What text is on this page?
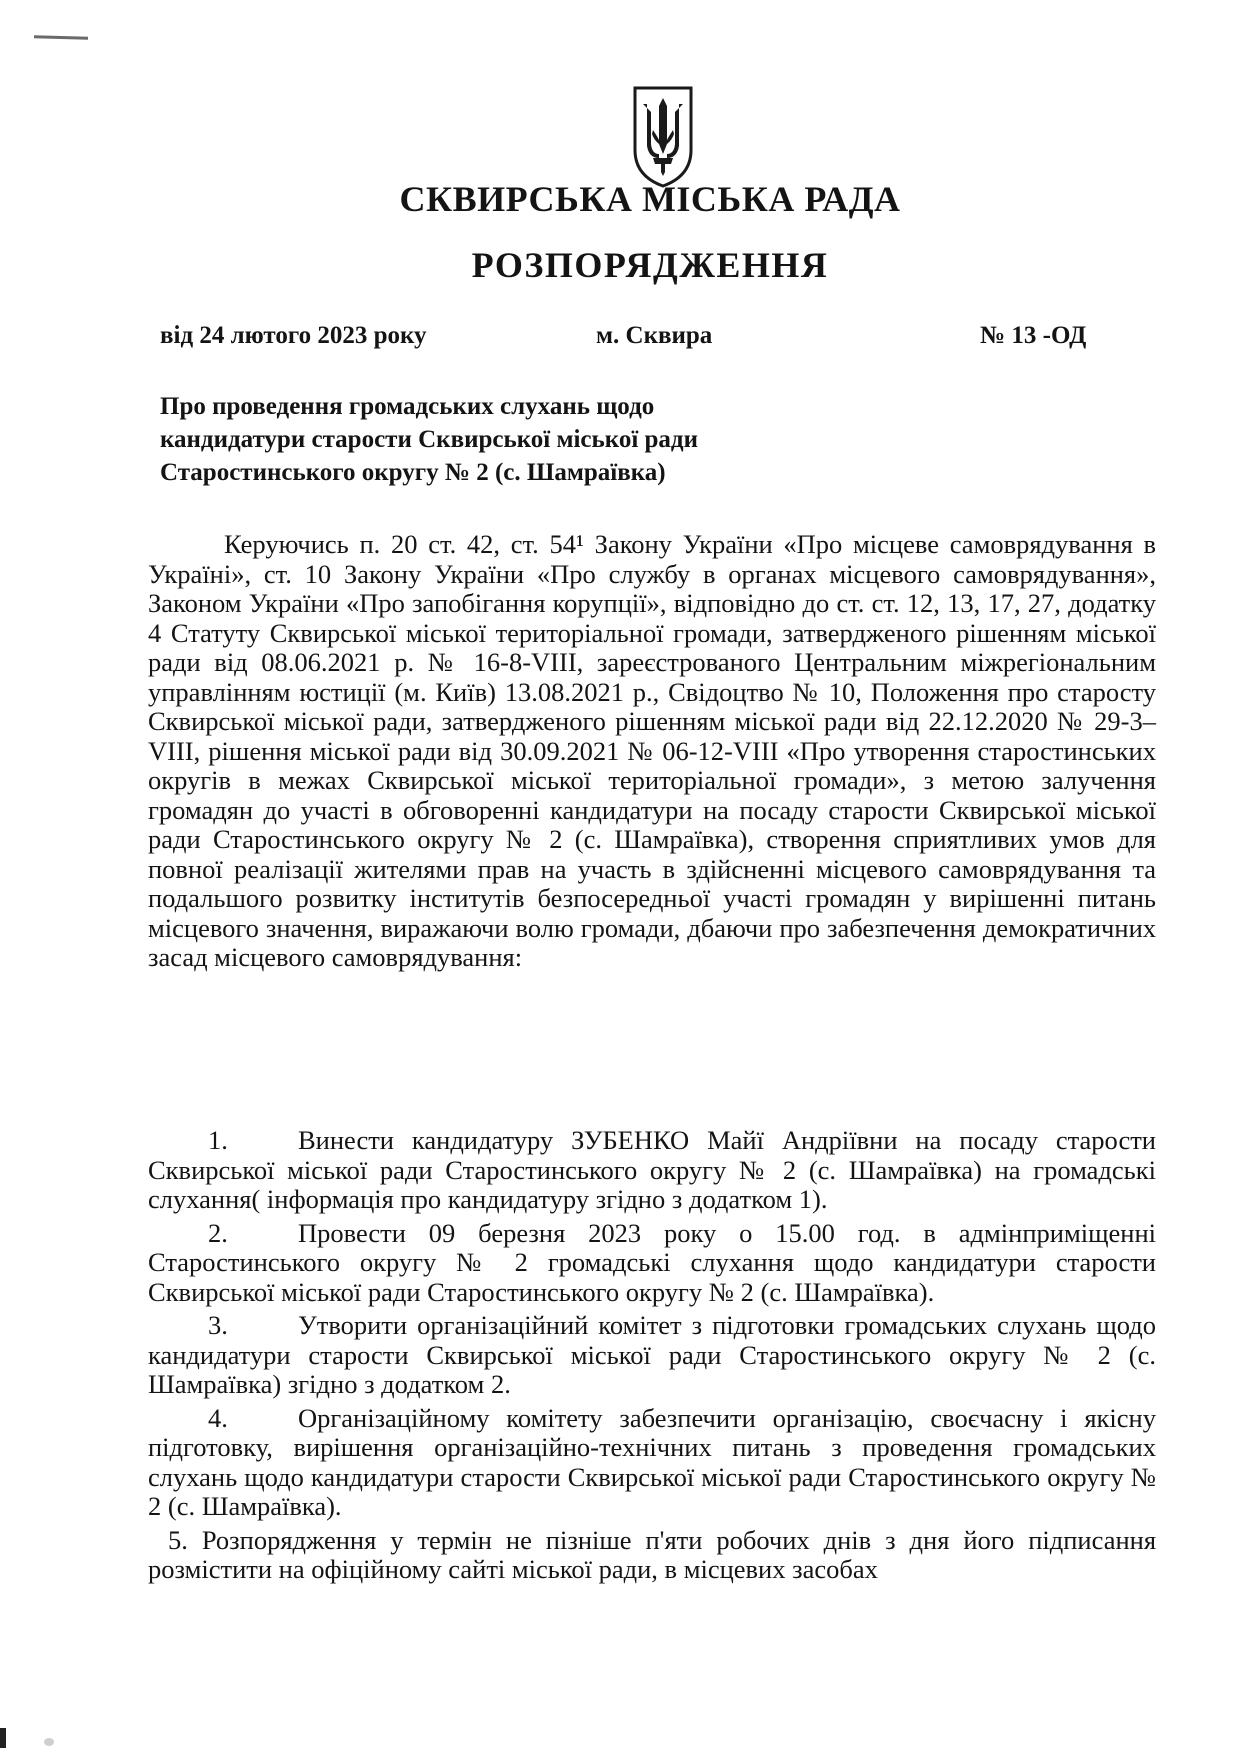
СКВИРСЬКА МІСЬКА РАДА
РОЗПОРЯДЖЕННЯ
від 24 лютого 2023 року	м. Сквира	№ 13 -ОД

Про проведення громадських слухань щодо
кандидатури старости Сквирської міської ради
Старостинського округу № 2 (с. Шамраївка)

Керуючись п. 20 ст. 42, ст. 54¹ Закону України «Про місцеве самоврядування в Україні», ст. 10 Закону України «Про службу в органах місцевого самоврядування», Законом України «Про запобігання корупції», відповідно до ст. ст. 12, 13, 17, 27, додатку 4 Статуту Сквирської міської територіальної громади, затвердженого рішенням міської ради від 08.06.2021 р. № 16-8-VIII, зареєстрованого Центральним міжрегіональним управлінням юстиції (м. Київ) 13.08.2021 р., Свідоцтво № 10, Положення про старосту Сквирської міської ради, затвердженого рішенням міської ради від 22.12.2020 № 29-3–VIII, рішення міської ради від 30.09.2021 № 06-12-VIII «Про утворення старостинських округів в межах Сквирської міської територіальної громади», з метою залучення громадян до участі в обговоренні кандидатури на посаду старости Сквирської міської ради Старостинського округу № 2 (с. Шамраївка), створення сприятливих умов для повної реалізації жителями прав на участь в здійсненні місцевого самоврядування та подальшого розвитку інститутів безпосередньої участі громадян у вирішенні питань місцевого значення, виражаючи волю громади, дбаючи про забезпечення демократичних засад місцевого самоврядування:

1.	Винести кандидатуру ЗУБЕНКО Майї Андріївни на посаду старости Сквирської міської ради Старостинського округу № 2 (с. Шамраївка) на громадські слухання( інформація про кандидатуру згідно з додатком 1).

2.	Провести 09 березня 2023 року о 15.00 год. в адмінприміщенні Старостинського округу № 2 громадські слухання щодо кандидатури старости Сквирської міської ради Старостинського округу № 2 (с. Шамраївка).

3.	Утворити організаційний комітет з підготовки громадських слухань щодо кандидатури старости Сквирської міської ради Старостинського округу № 2 (с. Шамраївка) згідно з додатком 2.

4.	Організаційному комітету забезпечити організацію, своєчасну і якісну підготовку, вирішення організаційно-технічних питань з проведення громадських слухань щодо кандидатури старости Сквирської міської ради Старостинського округу № 2 (с. Шамраївка).

5. Розпорядження у термін не пізніше п'яти робочих днів з дня його підписання розмістити на офіційному сайті міської ради, в місцевих засобах
